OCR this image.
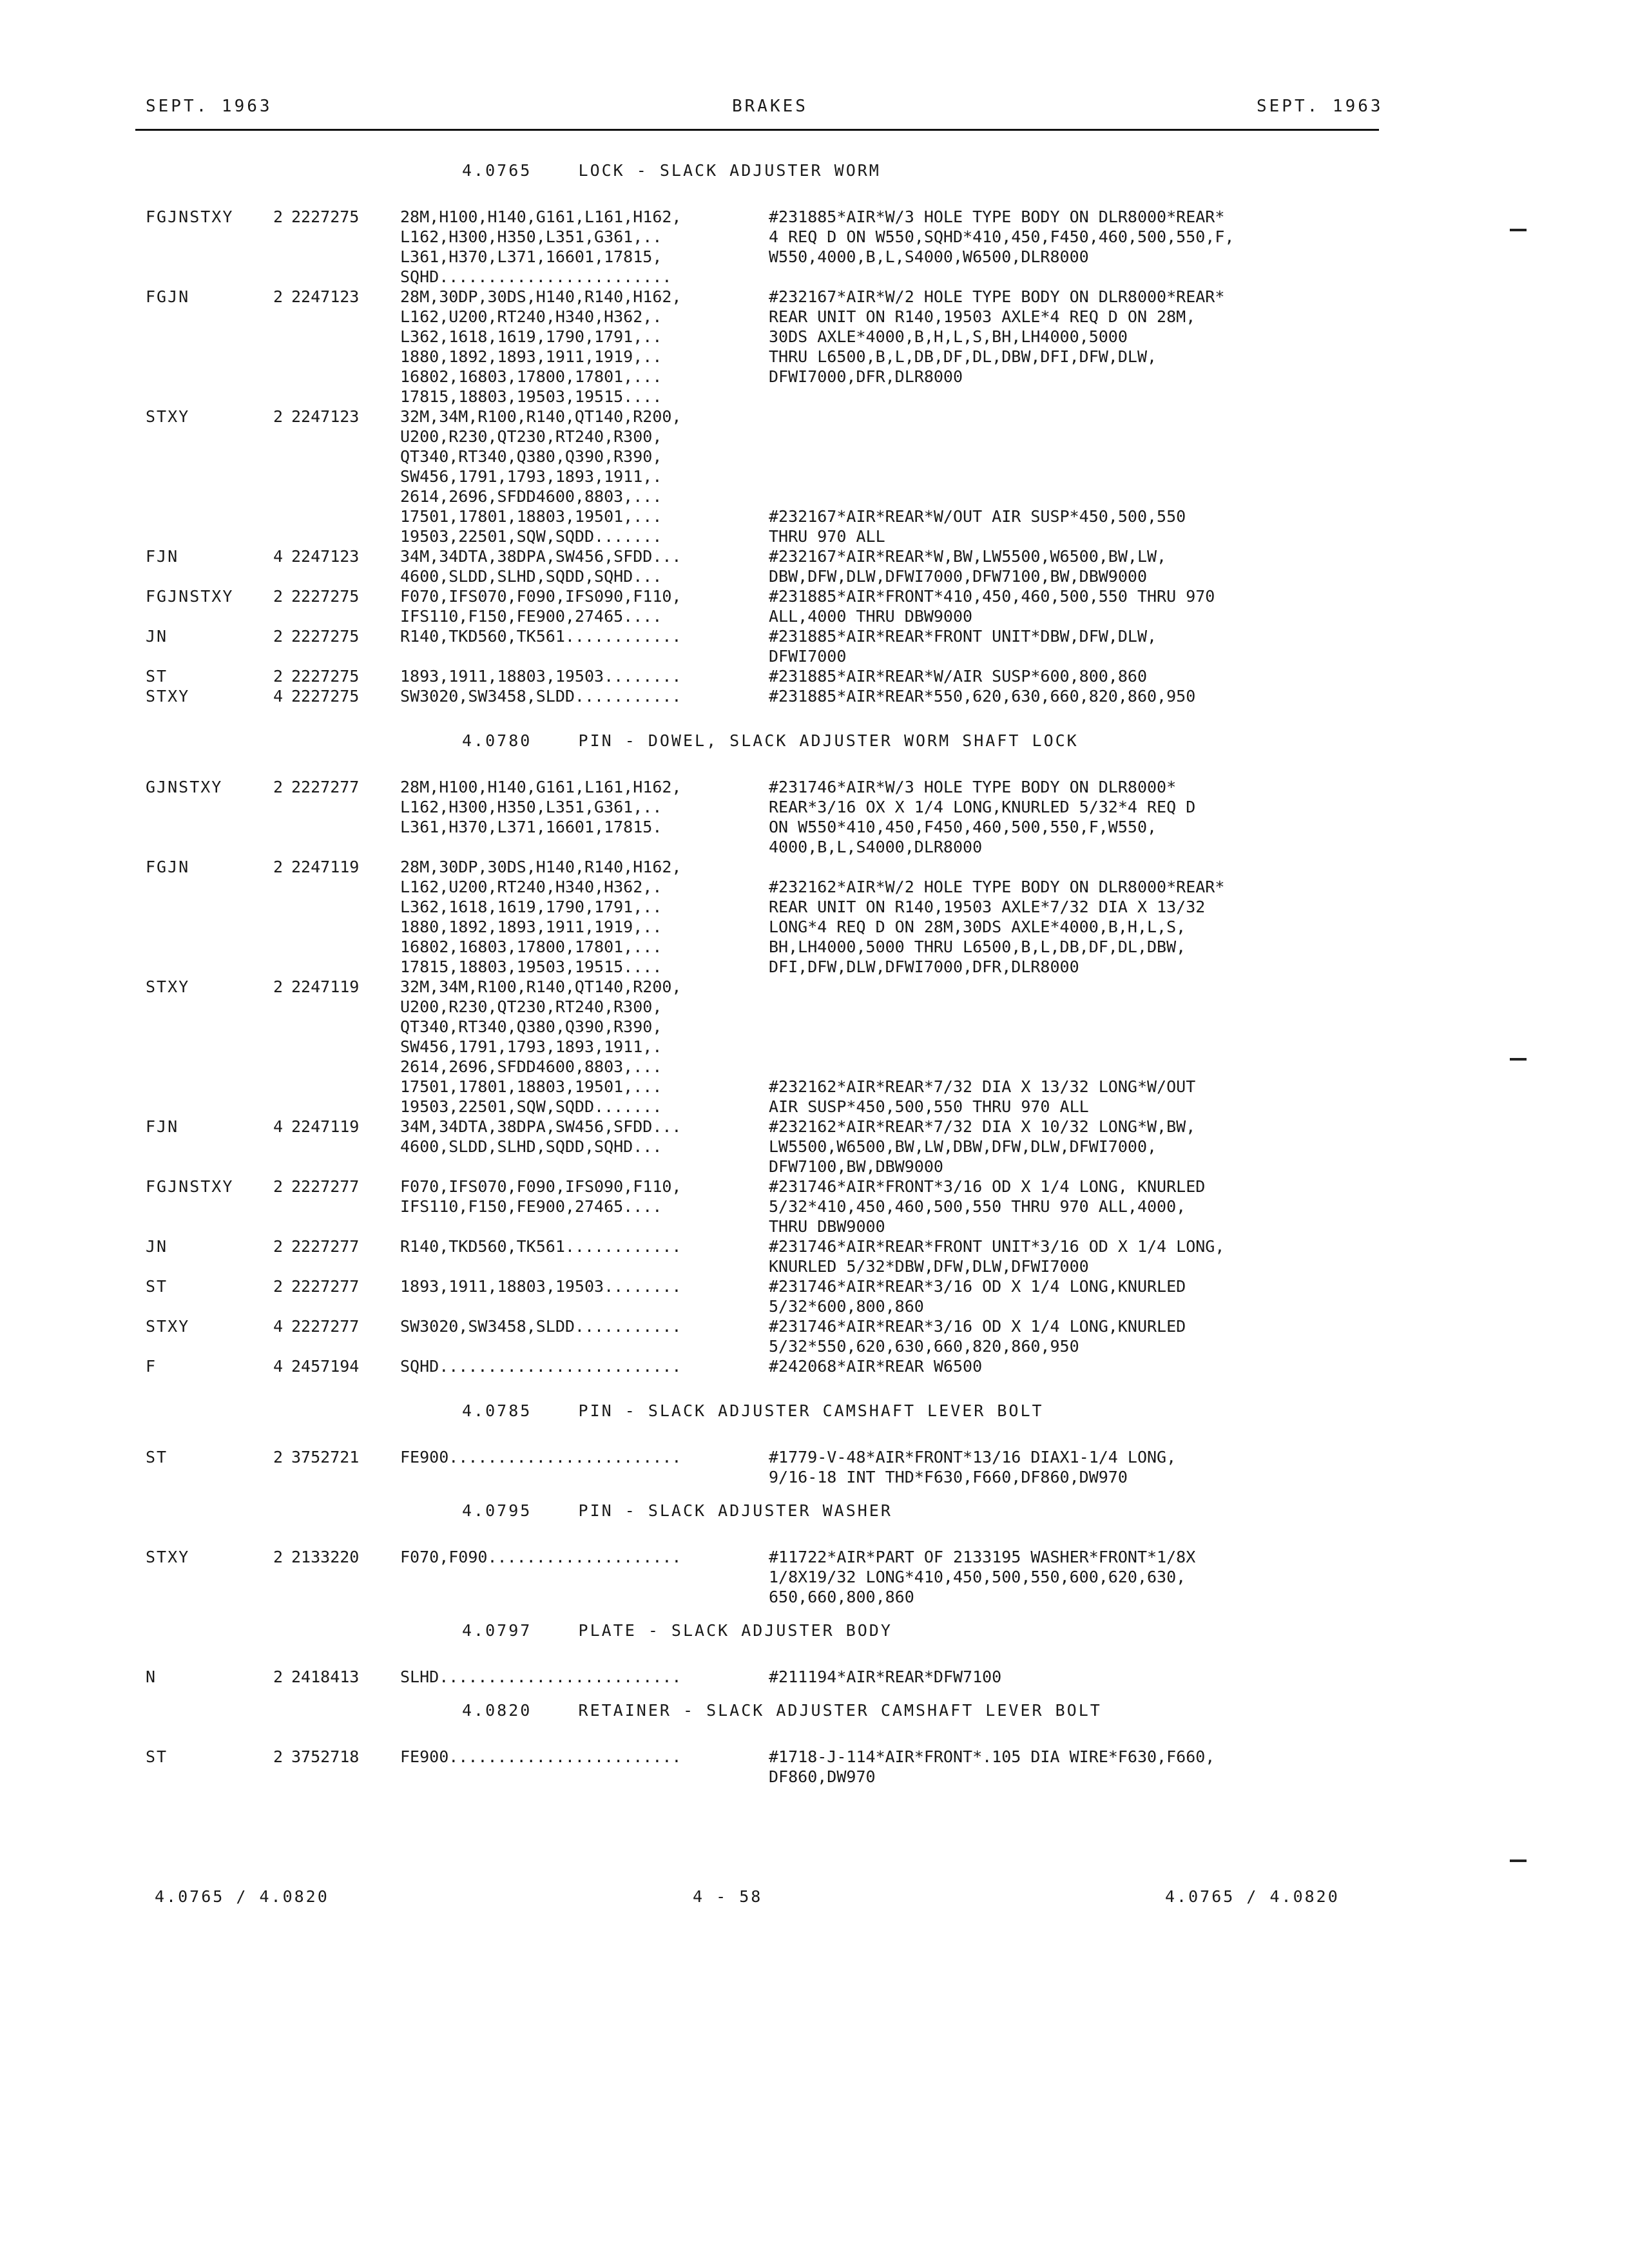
SEPT. 1963	BRAKES	SEPT. 1963
4.0765    LOCK - SLACK ADJUSTER WORM
FGJNSTXY 2 2227275	28M,H100,H140,G161,L161,H162,	#231885*AIR*W/3 HOLE TYPE BODY ON DLR8000*REAR*
L162,H300,H350,L351,G361,..	4 REQ D ON W550,SQHD*410,450,F450,460,500,550,F,
L361,H370,L371,16601,17815,	W550,4000,B,L,S4000,W6500,DLR8000
SQHD........................
FGJN	2 2247123	28M,30DP,30DS,H140,R140,H162,	#232167*AIR*W/2 HOLE TYPE BODY ON DLR8000*REAR*
L162,U200,RT240,H340,H362,.	REAR UNIT ON R140,19503 AXLE*4 REQ D ON 28M,
L362,1618,1619,1790,1791,..	30DS AXLE*4000,B,H,L,S,BH,LH4000,5000
1880,1892,1893,1911,1919,..	THRU L6500,B,L,DB,DF,DL,DBW,DFI,DFW,DLW,
16802,16803,17800,17801,...	DFWI7000,DFR,DLR8000
17815,18803,19503,19515....
STXY	2 2247123	32M,34M,R100,R140,QT140,R200,
U200,R230,QT230,RT240,R300,
QT340,RT340,Q380,Q390,R390,
SW456,1791,1793,1893,1911,.
2614,2696,SFDD4600,8803,...
17501,17801,18803,19501,...	#232167*AIR*REAR*W/OUT AIR SUSP*450,500,550
19503,22501,SQW,SQDD.......	THRU 970 ALL
FJN	4 2247123	34M,34DTA,38DPA,SW456,SFDD...	#232167*AIR*REAR*W,BW,LW5500,W6500,BW,LW,
4600,SLDD,SLHD,SQDD,SQHD...	DBW,DFW,DLW,DFWI7000,DFW7100,BW,DBW9000
FGJNSTXY 2 2227275	F070,IFS070,F090,IFS090,F110,	#231885*AIR*FRONT*410,450,460,500,550 THRU 970
IFS110,F150,FE900,27465....	ALL,4000 THRU DBW9000
JN	2 2227275	R140,TKD560,TK561............	#231885*AIR*REAR*FRONT UNIT*DBW,DFW,DLW,
DFWI7000
ST	2 2227275	1893,1911,18803,19503........	#231885*AIR*REAR*W/AIR SUSP*600,800,860
STXY	4 2227275	SW3020,SW3458,SLDD...........	#231885*AIR*REAR*550,620,630,660,820,860,950
4.0780    PIN - DOWEL, SLACK ADJUSTER WORM SHAFT LOCK
GJNSTXY	2 2227277	28M,H100,H140,G161,L161,H162,	#231746*AIR*W/3 HOLE TYPE BODY ON DLR8000*
L162,H300,H350,L351,G361,..	REAR*3/16 OX X 1/4 LONG,KNURLED 5/32*4 REQ D
L361,H370,L371,16601,17815.	ON W550*410,450,F450,460,500,550,F,W550,
4000,B,L,S4000,DLR8000
FGJN	2 2247119	28M,30DP,30DS,H140,R140,H162,
L162,U200,RT240,H340,H362,.	#232162*AIR*W/2 HOLE TYPE BODY ON DLR8000*REAR*
L362,1618,1619,1790,1791,..	REAR UNIT ON R140,19503 AXLE*7/32 DIA X 13/32
1880,1892,1893,1911,1919,..	LONG*4 REQ D ON 28M,30DS AXLE*4000,B,H,L,S,
16802,16803,17800,17801,...	BH,LH4000,5000 THRU L6500,B,L,DB,DF,DL,DBW,
17815,18803,19503,19515....	DFI,DFW,DLW,DFWI7000,DFR,DLR8000
STXY	2 2247119	32M,34M,R100,R140,QT140,R200,
U200,R230,QT230,RT240,R300,
QT340,RT340,Q380,Q390,R390,
SW456,1791,1793,1893,1911,.
2614,2696,SFDD4600,8803,...
17501,17801,18803,19501,...	#232162*AIR*REAR*7/32 DIA X 13/32 LONG*W/OUT
19503,22501,SQW,SQDD.......	AIR SUSP*450,500,550 THRU 970 ALL
FJN	4 2247119	34M,34DTA,38DPA,SW456,SFDD...	#232162*AIR*REAR*7/32 DIA X 10/32 LONG*W,BW,
4600,SLDD,SLHD,SQDD,SQHD...	LW5500,W6500,BW,LW,DBW,DFW,DLW,DFWI7000,
DFW7100,BW,DBW9000
FGJNSTXY 2 2227277	F070,IFS070,F090,IFS090,F110,	#231746*AIR*FRONT*3/16 OD X 1/4 LONG, KNURLED
IFS110,F150,FE900,27465....	5/32*410,450,460,500,550 THRU 970 ALL,4000,
THRU DBW9000
JN	2 2227277	R140,TKD560,TK561............	#231746*AIR*REAR*FRONT UNIT*3/16 OD X 1/4 LONG,
KNURLED 5/32*DBW,DFW,DLW,DFWI7000
ST	2 2227277	1893,1911,18803,19503........	#231746*AIR*REAR*3/16 OD X 1/4 LONG,KNURLED
5/32*600,800,860
STXY	4 2227277	SW3020,SW3458,SLDD...........	#231746*AIR*REAR*3/16 OD X 1/4 LONG,KNURLED
5/32*550,620,630,660,820,860,950
F	4 2457194	SQHD.........................	#242068*AIR*REAR W6500
4.0785    PIN - SLACK ADJUSTER CAMSHAFT LEVER BOLT
ST	2 3752721	FE900........................	#1779-V-48*AIR*FRONT*13/16 DIAX1-1/4 LONG,
9/16-18 INT THD*F630,F660,DF860,DW970
4.0795    PIN - SLACK ADJUSTER WASHER
STXY	2 2133220	F070,F090....................	#11722*AIR*PART OF 2133195 WASHER*FRONT*1/8X
1/8X19/32 LONG*410,450,500,550,600,620,630,
650,660,800,860
4.0797    PLATE - SLACK ADJUSTER BODY
N	2 2418413	SLHD.........................	#211194*AIR*REAR*DFW7100
4.0820    RETAINER - SLACK ADJUSTER CAMSHAFT LEVER BOLT
ST	2 3752718	FE900........................	#1718-J-114*AIR*FRONT*.105 DIA WIRE*F630,F660,
DF860,DW970
4.0765 / 4.0820	4 - 58	4.0765 / 4.0820
